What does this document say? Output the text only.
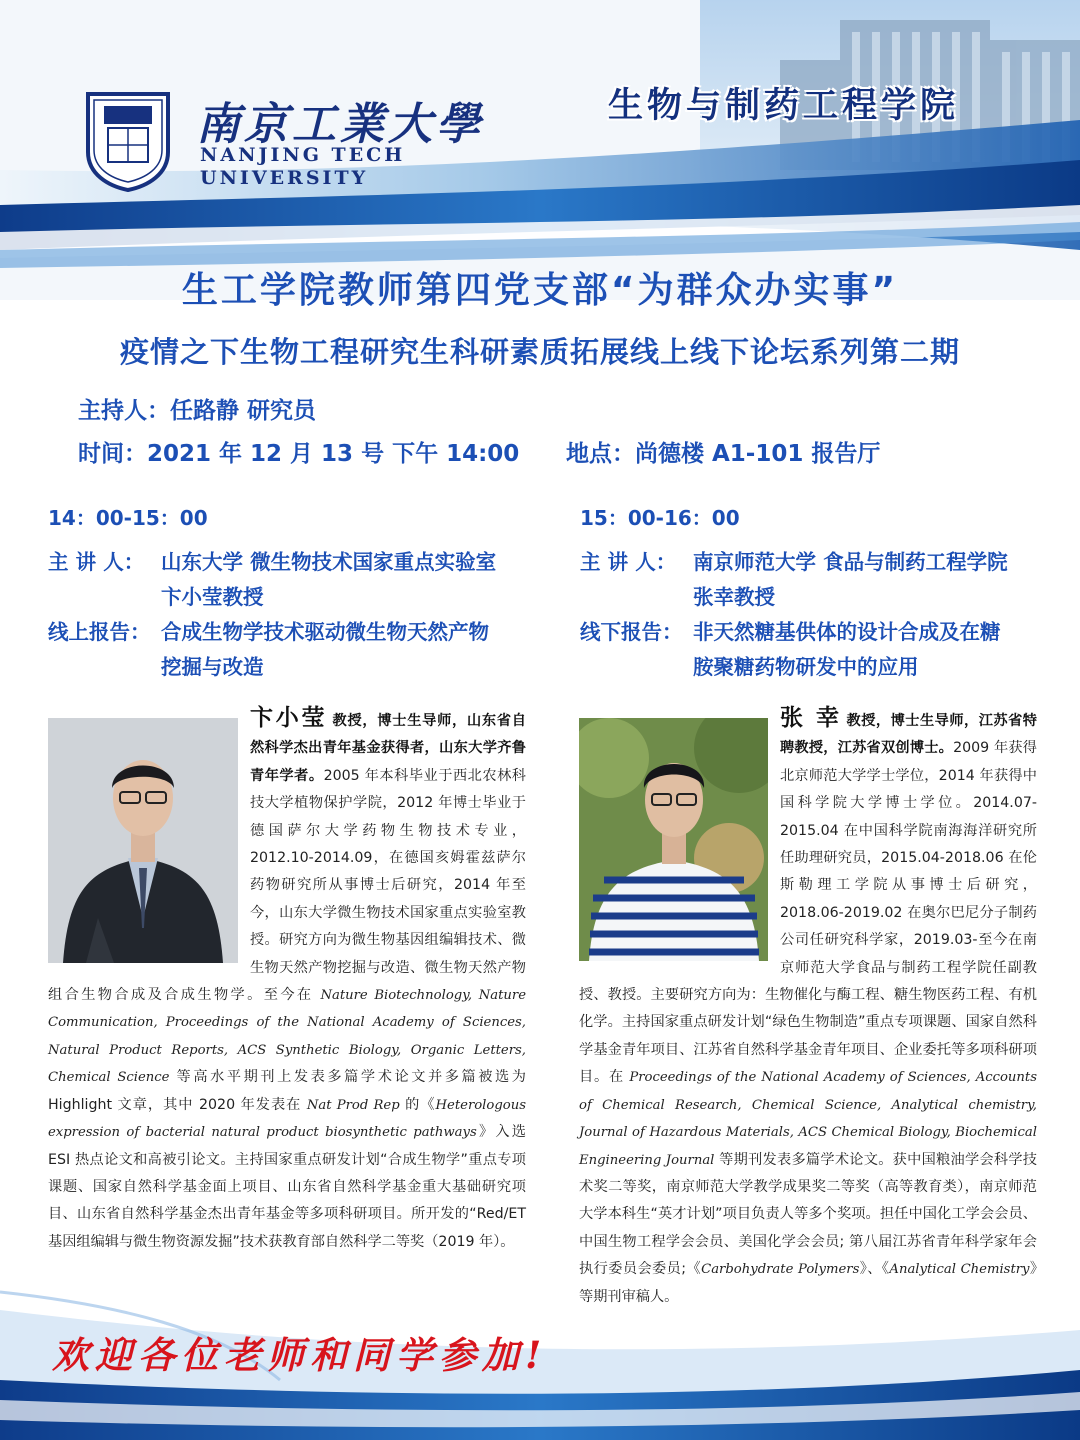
南京工業大學
NANJING TECH
UNIVERSITY
生物与制药工程学院
生工学院教师第四党支部“为群众办实事”
疫情之下生物工程研究生科研素质拓展线上线下论坛系列第二期
主持人：任路静 研究员
时间：2021 年 12 月 13 号 下午 14:00 地点：尚德楼 A1-101 报告厅
14：00-15：00
主 讲 人： 山东大学 微生物技术国家重点实验室
卞小莹教授
线上报告： 合成生物学技术驱动微生物天然产物
挖掘与改造
15：00-16：00
主 讲 人： 南京师范大学 食品与制药工程学院
张幸教授
线下报告： 非天然糖基供体的设计合成及在糖
胺聚糖药物研发中的应用
卞小莹 教授，博士生导师，山东省自然科学杰出青年基金获得者，山东大学齐鲁青年学者。2005 年本科毕业于西北农林科技大学植物保护学院，2012 年博士毕业于德国萨尔大学药物生物技术专业，2012.10-2014.09，在德国亥姆霍兹萨尔药物研究所从事博士后研究，2014 年至今，山东大学微生物技术国家重点实验室教授。研究方向为微生物基因组编辑技术、微生物天然产物挖掘与改造、微生物天然产物组合生物合成及合成生物学。至今在 Nature Biotechnology, Nature Communication, Proceedings of the National Academy of Sciences, Natural Product Reports, ACS Synthetic Biology, Organic Letters, Chemical Science 等高水平期刊上发表多篇学术论文并多篇被选为 Highlight 文章，其中 2020 年发表在 Nat Prod Rep 的《Heterologous expression of bacterial natural product biosynthetic pathways》入选 ESI 热点论文和高被引论文。主持国家重点研发计划“合成生物学”重点专项课题、国家自然科学基金面上项目、山东省自然科学基金重大基础研究项目、山东省自然科学基金杰出青年基金等多项科研项目。所开发的“Red/ET 基因组编辑与微生物资源发掘”技术获教育部自然科学二等奖（2019 年）。
张 幸 教授，博士生导师，江苏省特聘教授，江苏省双创博士。2009 年获得北京师范大学学士学位，2014 年获得中国科学院大学博士学位。2014.07-2015.04 在中国科学院南海海洋研究所任助理研究员，2015.04-2018.06 在伦斯勒理工学院从事博士后研究，2018.06-2019.02 在奥尔巴尼分子制药公司任研究科学家，2019.03-至今在南京师范大学食品与制药工程学院任副教授、教授。主要研究方向为：生物催化与酶工程、糖生物医药工程、有机化学。主持国家重点研发计划“绿色生物制造”重点专项课题、国家自然科学基金青年项目、江苏省自然科学基金青年项目、企业委托等多项科研项目。在 Proceedings of the National Academy of Sciences, Accounts of Chemical Research, Chemical Science, Analytical chemistry, Journal of Hazardous Materials, ACS Chemical Biology, Biochemical Engineering Journal 等期刊发表多篇学术论文。获中国粮油学会科学技术奖二等奖，南京师范大学教学成果奖二等奖（高等教育类），南京师范大学本科生“英才计划”项目负责人等多个奖项。担任中国化工学会会员、中国生物工程学会会员、美国化学会会员; 第八届江苏省青年科学家年会执行委员会委员;《Carbohydrate Polymers》、《Analytical Chemistry》等期刊审稿人。
欢迎各位老师和同学参加!
